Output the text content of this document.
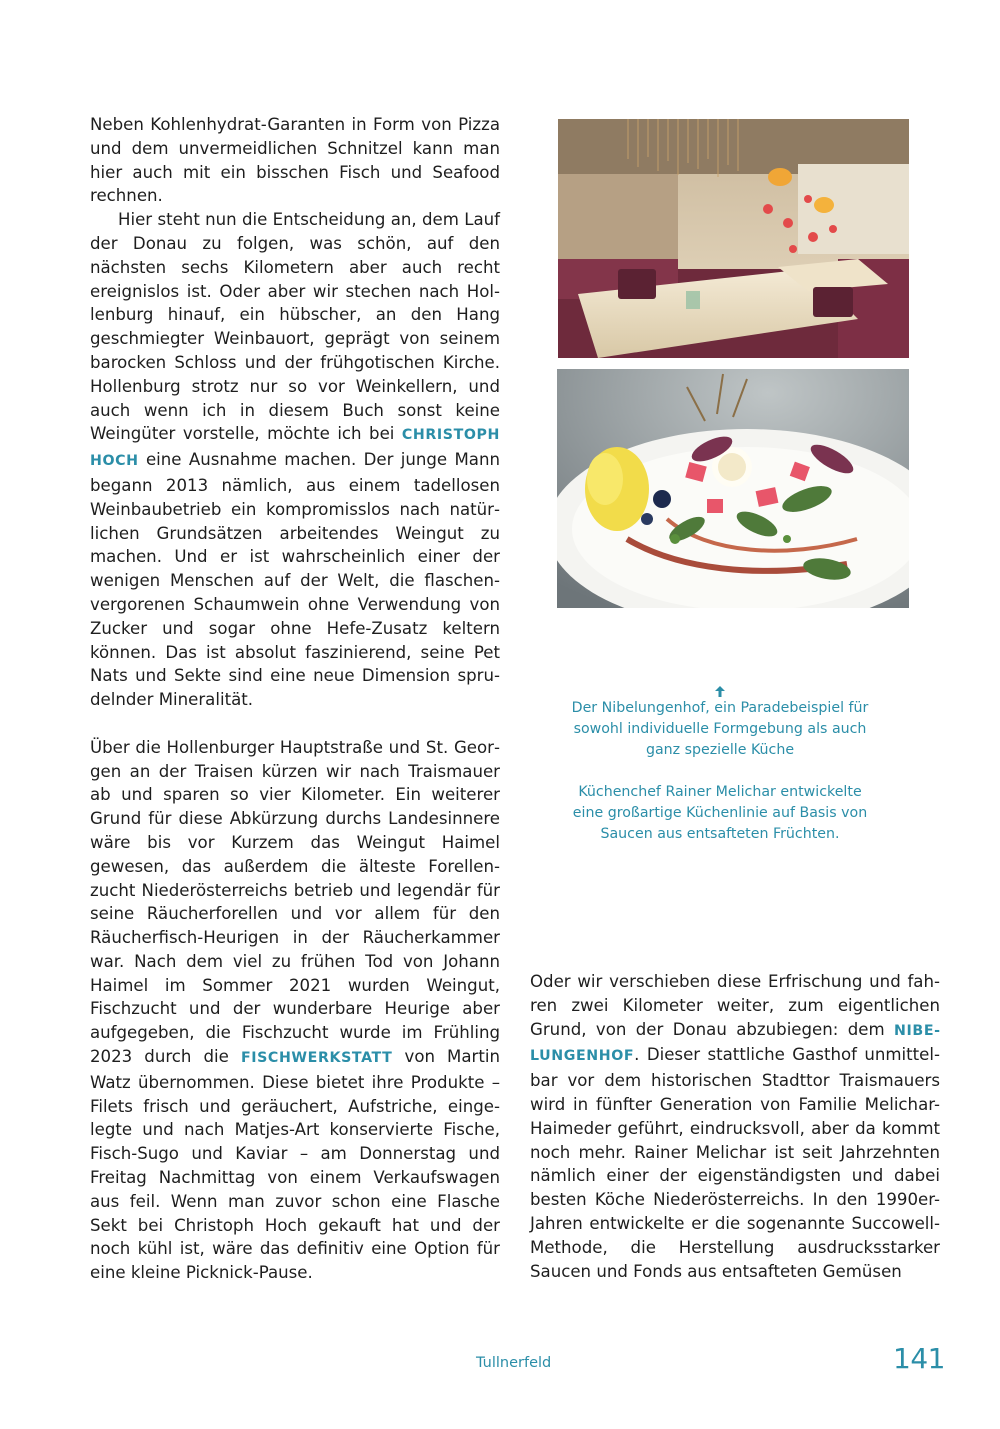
Neben Kohlenhydrat-Garanten in Form von Pizza und dem unvermeidlichen Schnitzel kann man hier auch mit ein bisschen Fisch und Seafood rechnen.

Hier steht nun die Entscheidung an, dem Lauf der Donau zu folgen, was schön, auf den nächsten sechs Kilometern aber auch recht ereignislos ist. Oder aber wir stechen nach Hollenburg hinauf, ein hübscher, an den Hang geschmiegter Weinbauort, geprägt von seinem barocken Schloss und der frühgotischen Kirche. Hollenburg strotz nur so vor Weinkellern, und auch wenn ich in diesem Buch sonst keine Weingüter vorstelle, möchte ich bei CHRISTOPH HOCH eine Ausnahme machen. Der junge Mann begann 2013 nämlich, aus einem tadellosen Weinbaubetrieb ein kompromisslos nach natürlichen Grundsätzen arbeitendes Weingut zu machen. Und er ist wahrscheinlich einer der wenigen Menschen auf der Welt, die flaschenvergorenen Schaumwein ohne Verwendung von Zucker und sogar ohne Hefe-Zusatz keltern können. Das ist absolut faszinierend, seine Pet Nats und Sekte sind eine neue Dimension sprudelnder Mineralität.

Über die Hollenburger Hauptstraße und St. Georgen an der Traisen kürzen wir nach Traismauer ab und sparen so vier Kilometer. Ein weiterer Grund für diese Abkürzung durchs Landesinnere wäre bis vor Kurzem das Weingut Haimel gewesen, das außerdem die älteste Forellenzucht Niederösterreichs betrieb und legendär für seine Räucherforellen und vor allem für den Räucherfisch-Heurigen in der Räucherkammer war. Nach dem viel zu frühen Tod von Johann Haimel im Sommer 2021 wurden Weingut, Fischzucht und der wunderbare Heurige aber aufgegeben, die Fischzucht wurde im Frühling 2023 durch die FISCHWERKSTATT von Martin Watz übernommen. Diese bietet ihre Produkte – Filets frisch und geräuchert, Aufstriche, eingelegte und nach Matjes-Art konservierte Fische, Fisch-Sugo und Kaviar – am Donnerstag und Freitag Nachmittag von einem Verkaufswagen aus feil. Wenn man zuvor schon eine Flasche Sekt bei Christoph Hoch gekauft hat und der noch kühl ist, wäre das definitiv eine Option für eine kleine Picknick-Pause.

Der Nibelungenhof, ein Paradebeispiel für sowohl individuelle Formgebung als auch ganz spezielle Küche

Küchenchef Rainer Melichar entwickelte eine großartige Küchenlinie auf Basis von Saucen aus entsafteten Früchten.

Oder wir verschieben diese Erfrischung und fahren zwei Kilometer weiter, zum eigentlichen Grund, von der Donau abzubiegen: dem NIBELUNGENHOF. Dieser stattliche Gasthof unmittelbar vor dem historischen Stadttor Traismauers wird in fünfter Generation von Familie Melichar-Haimeder geführt, eindrucksvoll, aber da kommt noch mehr. Rainer Melichar ist seit Jahrzehnten nämlich einer der eigenständigsten und dabei besten Köche Niederösterreichs. In den 1990er-Jahren entwickelte er die sogenannte Succowell-Methode, die Herstellung ausdrucksstarker Saucen und Fonds aus entsafteten Gemüsen

Tullnerfeld	141
